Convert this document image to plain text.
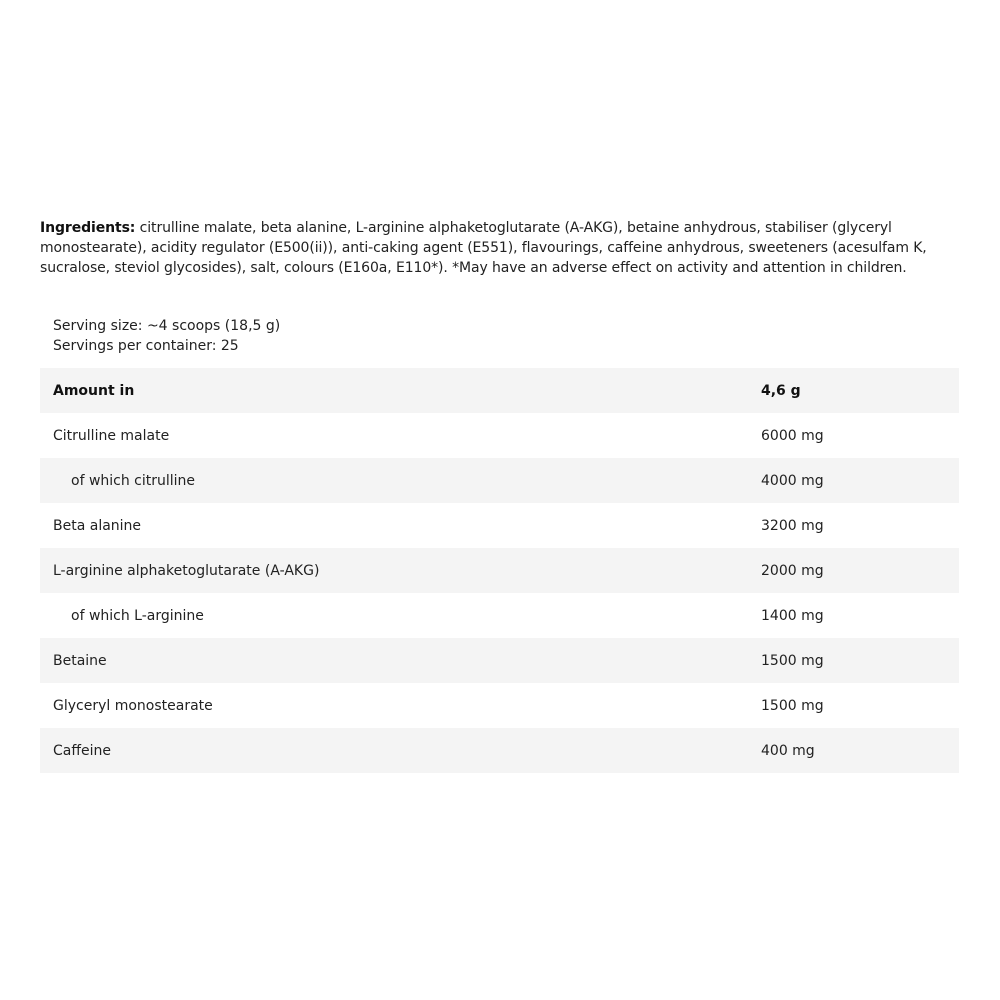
Ingredients: citrulline malate, beta alanine, L-arginine alphaketoglutarate (A-AKG), betaine anhydrous, stabiliser (glyceryl monostearate), acidity regulator (E500(ii)), anti-caking agent (E551), flavourings, caffeine anhydrous, sweeteners (acesulfam K, sucralose, steviol glycosides), salt, colours (E160a, E110*). *May have an adverse effect on activity and attention in children.
Serving size: ~4 scoops (18,5 g)
Servings per container: 25
Amount in	4,6 g
Citrulline malate	6000 mg
of which citrulline	4000 mg
Beta alanine	3200 mg
L-arginine alphaketoglutarate (A-AKG)	2000 mg
of which L-arginine	1400 mg
Betaine	1500 mg
Glyceryl monostearate	1500 mg
Caffeine	400 mg
